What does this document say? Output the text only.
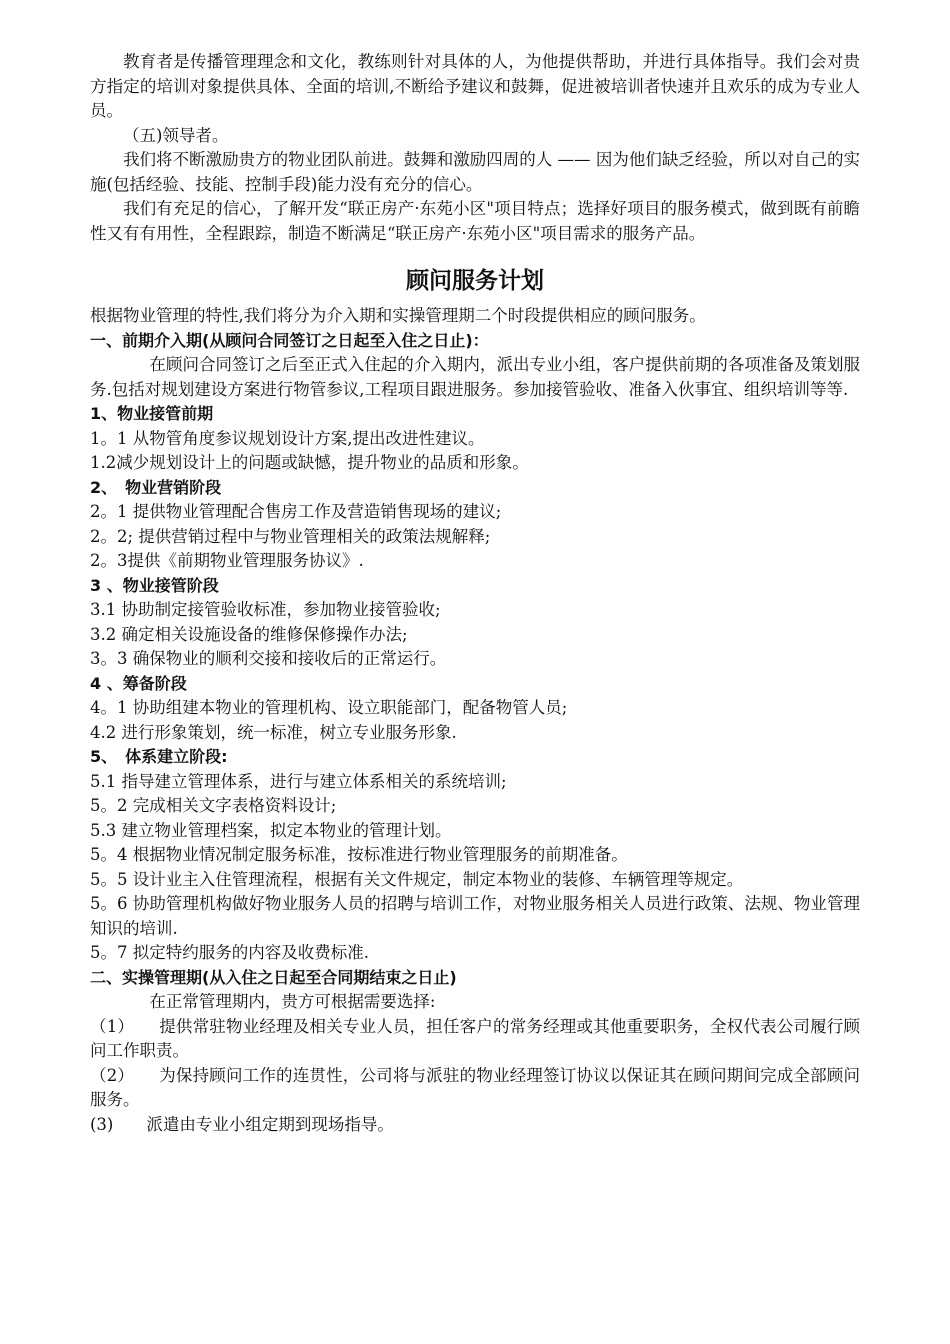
教育者是传播管理理念和文化，教练则针对具体的人，为他提供帮助，并进行具体指导。我们会对贵方指定的培训对象提供具体、全面的培训,不断给予建议和鼓舞，促进被培训者快速并且欢乐的成为专业人员。

（五)领导者。

我们将不断激励贵方的物业团队前进。鼓舞和激励四周的人 —— 因为他们缺乏经验，所以对自己的实施(包括经验、技能、控制手段)能力没有充分的信心。

我们有充足的信心，了解开发“联正房产·东苑小区"项目特点；选择好项目的服务模式，做到既有前瞻性又有有用性，全程跟踪，制造不断满足“联正房产·东苑小区"项目需求的服务产品。

顾问服务计划

根据物业管理的特性,我们将分为介入期和实操管理期二个时段提供相应的顾问服务。

一、前期介入期(从顾问合同签订之日起至入住之日止)：

在顾问合同签订之后至正式入住起的介入期内，派出专业小组，客户提供前期的各项准备及策划服务.包括对规划建设方案进行物管参议,工程项目跟进服务。参加接管验收、准备入伙事宜、组织培训等等.

1、物业接管前期

1。1 从物管角度参议规划设计方案,提出改进性建议。

1.2减少规划设计上的问题或缺憾，提升物业的品质和形象。

2、　物业营销阶段

2。1 提供物业管理配合售房工作及营造销售现场的建议;

2。2; 提供营销过程中与物业管理相关的政策法规解释;

2。3提供《前期物业管理服务协议》.

3 、物业接管阶段

3.1 协助制定接管验收标准，参加物业接管验收;

3.2 确定相关设施设备的维修保修操作办法;

3。3 确保物业的顺利交接和接收后的正常运行。

4 、筹备阶段

4。1 协助组建本物业的管理机构、设立职能部门，配备物管人员;

4.2 进行形象策划，统一标准，树立专业服务形象.

5、　体系建立阶段:

5.1 指导建立管理体系，进行与建立体系相关的系统培训;

5。2 完成相关文字表格资料设计;

5.3 建立物业管理档案，拟定本物业的管理计划。

5。4 根据物业情况制定服务标准，按标准进行物业管理服务的前期准备。

5。5 设计业主入住管理流程，根据有关文件规定，制定本物业的装修、车辆管理等规定。

5。6 协助管理机构做好物业服务人员的招聘与培训工作，对物业服务相关人员进行政策、法规、物业管理知识的培训.

5。7 拟定特约服务的内容及收费标准.

二、实操管理期(从入住之日起至合同期结束之日止)

在正常管理期内，贵方可根据需要选择:

（1）　　提供常驻物业经理及相关专业人员，担任客户的常务经理或其他重要职务，全权代表公司履行顾问工作职责。

（2）　　为保持顾问工作的连贯性，公司将与派驻的物业经理签订协议以保证其在顾问期间完成全部顾问服务。

(3)　　派遣由专业小组定期到现场指导。
